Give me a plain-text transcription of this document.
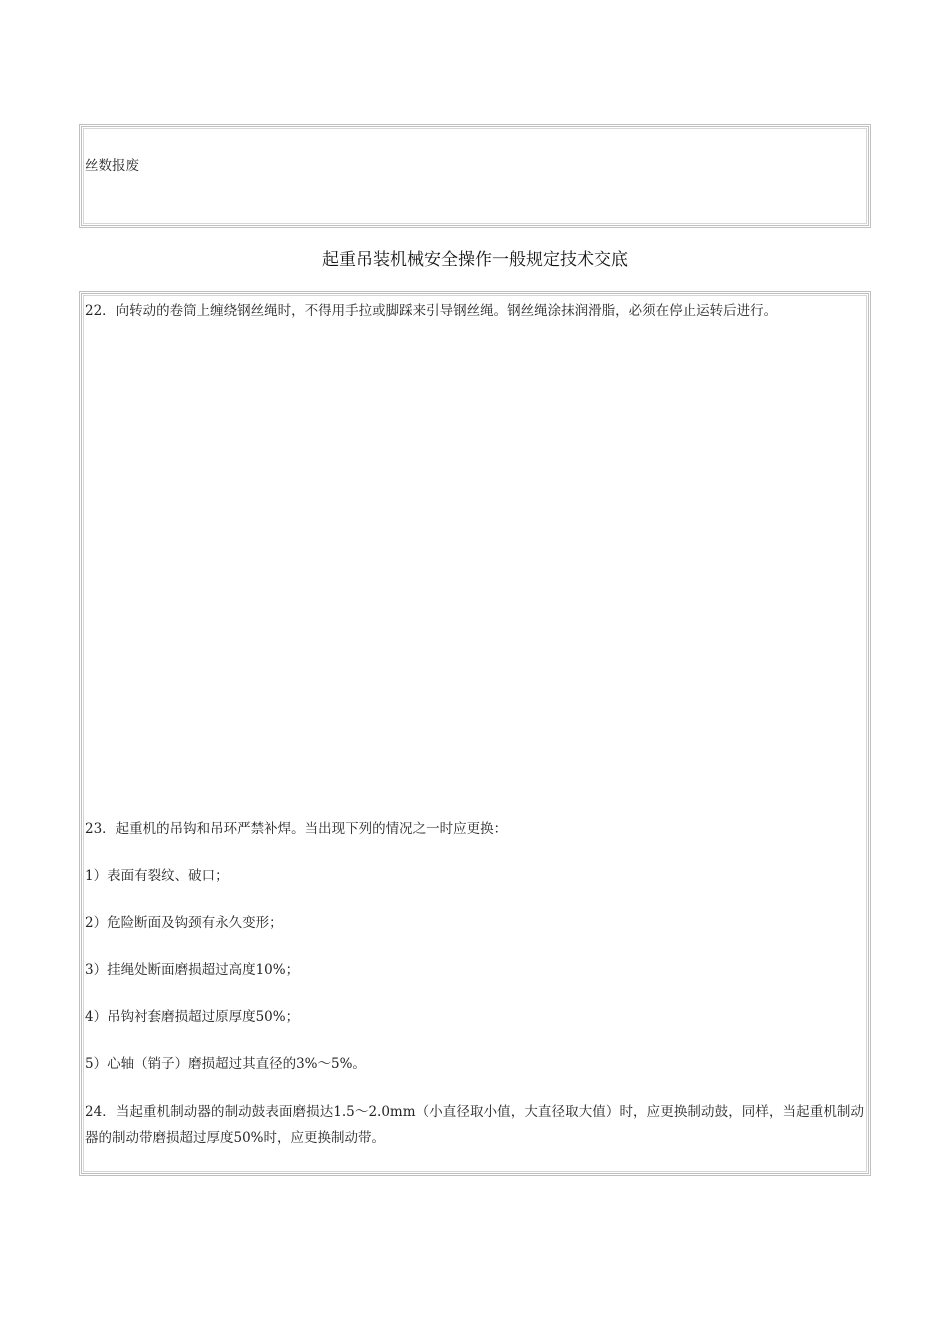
丝数报废
起重吊装机械安全操作一般规定技术交底
22．向转动的卷筒上缠绕钢丝绳时，不得用手拉或脚踩来引导钢丝绳。钢丝绳涂抹润滑脂，必须在停止运转后进行。
23．起重机的吊钩和吊环严禁补焊。当出现下列的情况之一时应更换：
1）表面有裂纹、破口；
2）危险断面及钩颈有永久变形；
3）挂绳处断面磨损超过高度10%；
4）吊钩衬套磨损超过原厚度50%；
5）心轴（销子）磨损超过其直径的3%～5%。
24．当起重机制动器的制动鼓表面磨损达1.5～2.0mm（小直径取小值，大直径取大值）时，应更换制动鼓，同样，当起重机制动器的制动带磨损超过厚度50%时，应更换制动带。
